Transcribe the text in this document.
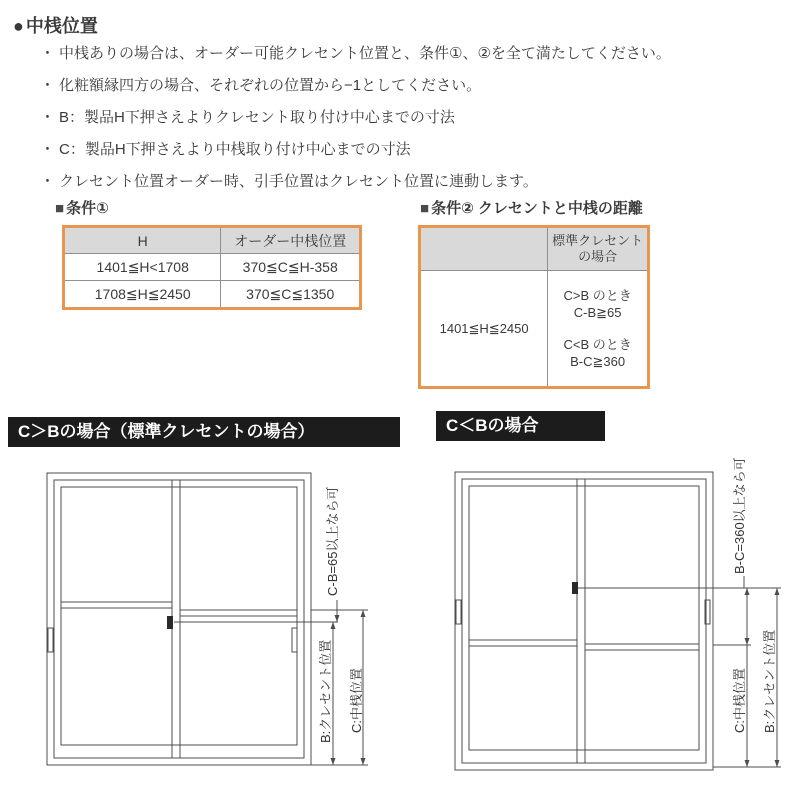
● 中桟位置
・ 中桟ありの場合は、オーダー可能クレセント位置と、条件①、②を全て満たしてください。
・ 化粧額縁四方の場合、それぞれの位置から−1としてください。
・ B：製品H下押さえよりクレセント取り付け中心までの寸法
・ C：製品H下押さえより中桟取り付け中心までの寸法
・ クレセント位置オーダー時、引手位置はクレセント位置に連動します。
■ 条件①	■ 条件② クレセントと中桟の距離
H	オーダー中桟位置
1401≦H<1708	370≦C≦H-358
1708≦H≦2450	370≦C≦1350

	標準クレセント
の場合

1401≦H≦2450	C>B のとき
C-B≧65
C<B のとき
B-C≧360
C-B=65以上なら可
B:クレセント位置 C:中桟位置
B-C=360以上なら可
C:中桟位置 B:クレセント位置
C＞Bの場合（標準クレセントの場合）	C＜Bの場合
